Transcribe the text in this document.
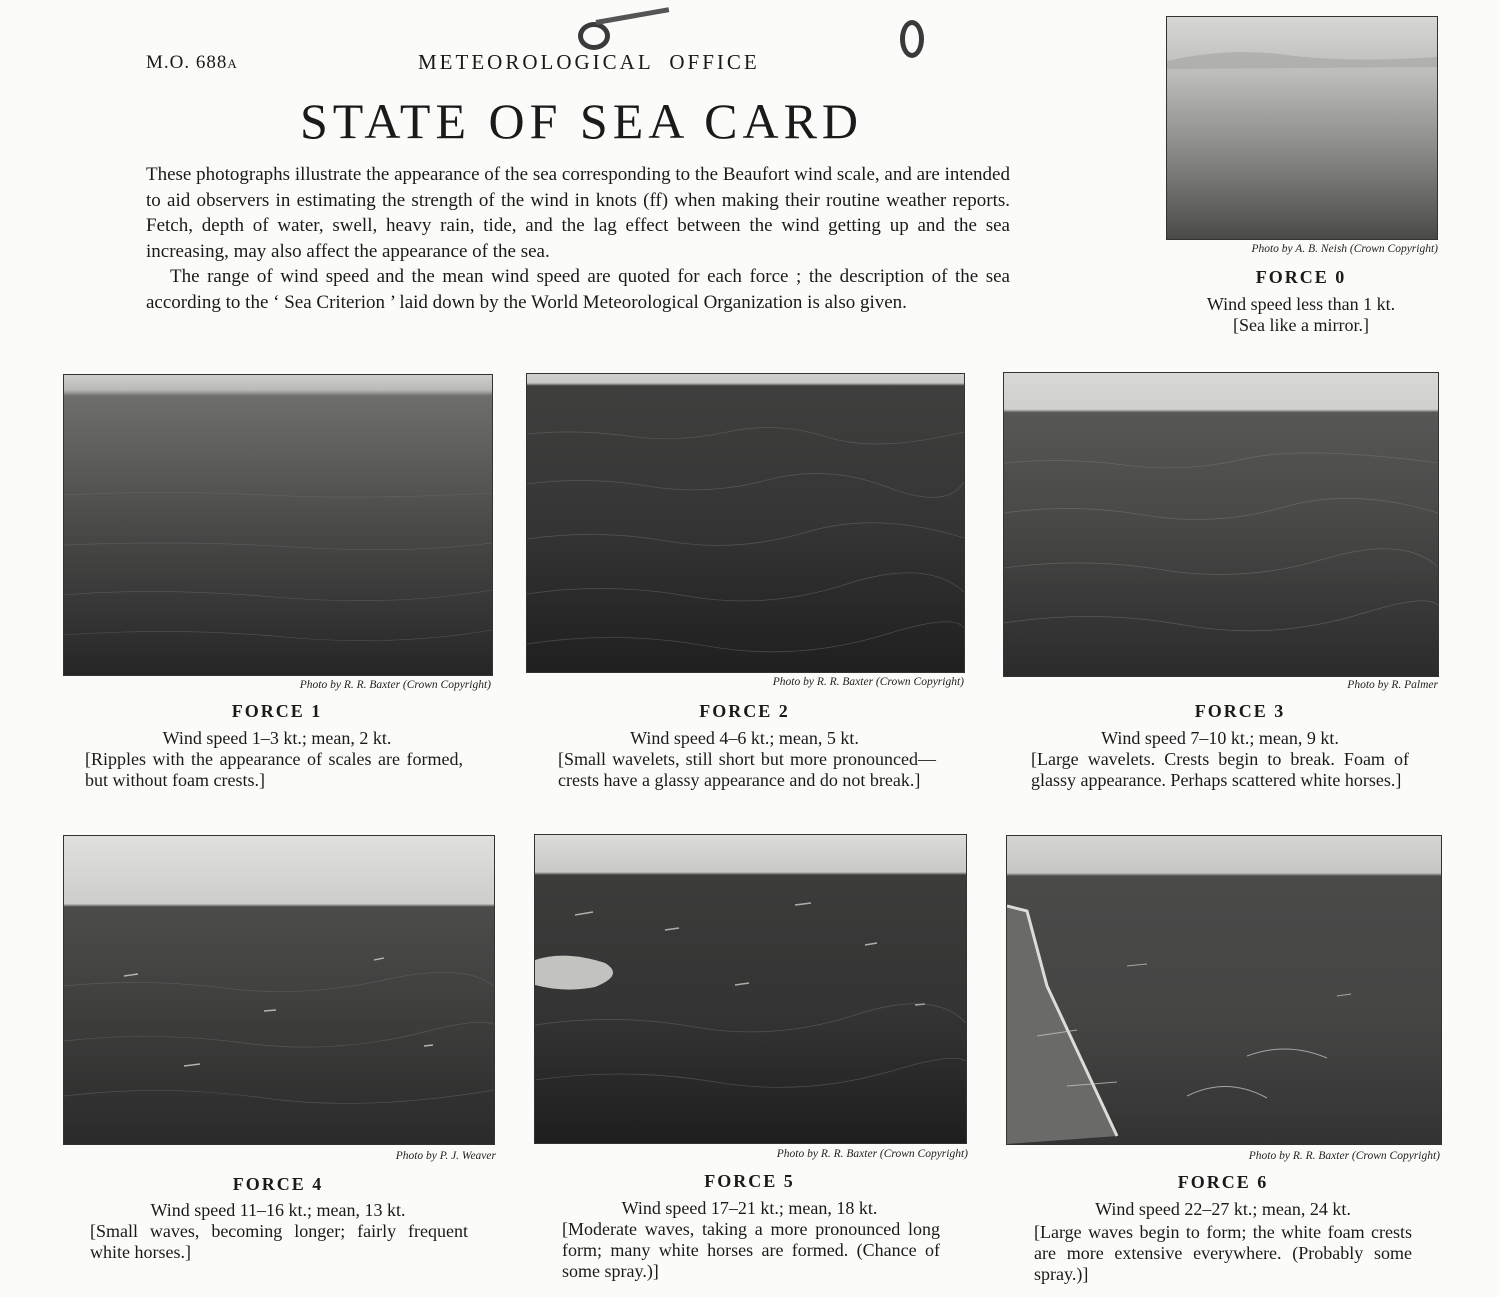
M.O. 688A	METEOROLOGICAL  OFFICE
STATE OF SEA CARD

These photographs illustrate the appearance of the sea corresponding to the Beaufort wind scale, and are intended to aid observers in estimating the strength of the wind in knots (ff) when making their routine weather reports. Fetch, depth of water, swell, heavy rain, tide, and the lag effect between the wind getting up and the sea increasing, may also affect the appearance of the sea.

The range of wind speed and the mean wind speed are quoted for each force ; the description of the sea according to the ‘ Sea Criterion ’ laid down by the World Meteorological Organization is also given.

Photo by A. B. Neish (Crown Copyright)
FORCE 0
Wind speed less than 1 kt.
[Sea like a mirror.]
Photo by R. R. Baxter (Crown Copyright)
FORCE 1
Wind speed 1–3 kt.; mean, 2 kt.
[Ripples with the appearance of scales are formed, but without foam crests.]
Photo by R. R. Baxter (Crown Copyright)
FORCE 2
Wind speed 4–6 kt.; mean, 5 kt.
[Small wavelets, still short but more pronounced—crests have a glassy appearance and do not break.]
Photo by R. Palmer
FORCE 3
Wind speed 7–10 kt.; mean, 9 kt.
[Large wavelets. Crests begin to break. Foam of glassy appearance. Perhaps scattered white horses.]
Photo by P. J. Weaver
FORCE 4
Wind speed 11–16 kt.; mean, 13 kt.
[Small waves, becoming longer; fairly frequent white horses.]
Photo by R. R. Baxter (Crown Copyright)
FORCE 5
Wind speed 17–21 kt.; mean, 18 kt.
[Moderate waves, taking a more pronounced long form; many white horses are formed. (Chance of some spray.)]
Photo by R. R. Baxter (Crown Copyright)
FORCE 6
Wind speed 22–27 kt.; mean, 24 kt.
[Large waves begin to form; the white foam crests are more extensive everywhere. (Probably some spray.)]
